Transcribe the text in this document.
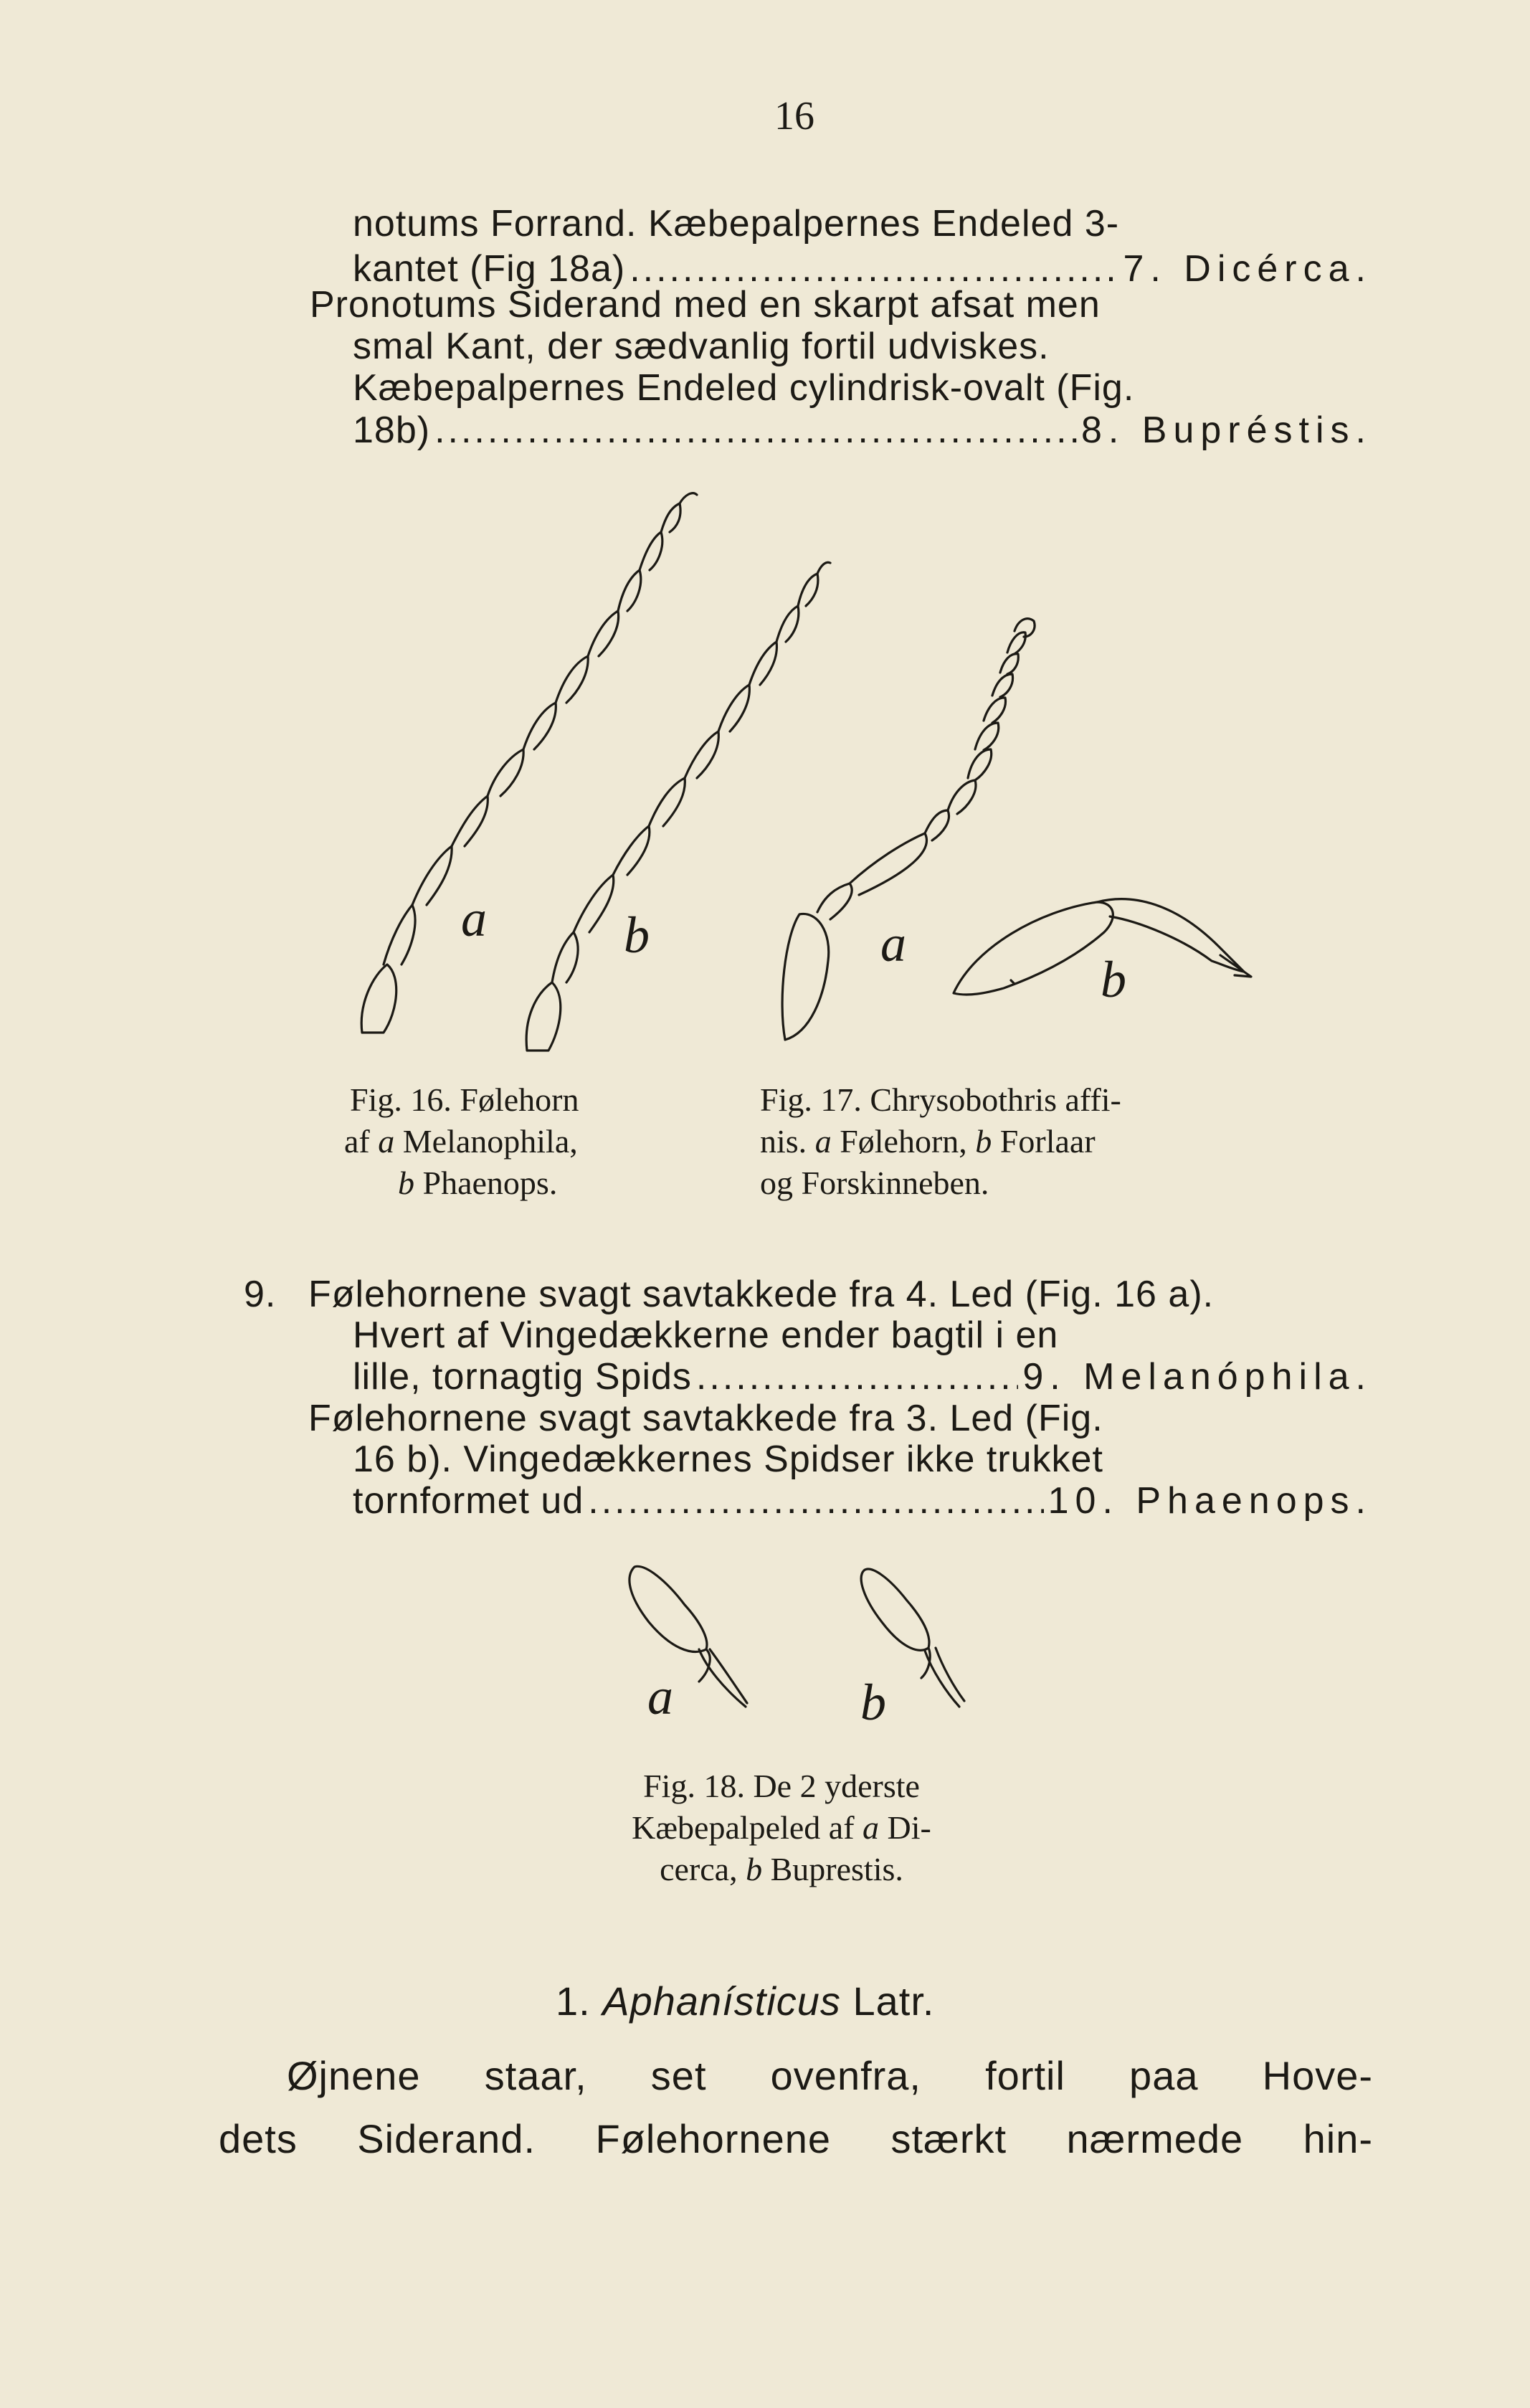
16
notums Forrand. Kæbepalpernes Endeled 3-
kantet (Fig 18a) .....	7. Dicérca.
Pronotums Siderand med en skarpt afsat men
smal Kant, der sædvanlig fortil udviskes.
Kæbepalpernes Endeled cylindrisk-ovalt (Fig.
18b) .....	8. Bupréstis.
a	b	a
b
Fig. 16. Følehorn
af a Melanophila,
b Phaenops.
Fig. 17. Chrysobothris affi-
nis. a Følehorn, b Forlaar
og Forskinneben.
9. Følehornene svagt savtakkede fra 4. Led (Fig. 16 a).
Hvert af Vingedækkerne ender bagtil i en
lille, tornagtig Spids .....	9. Melanóphila.
Følehornene svagt savtakkede fra 3. Led (Fig.
16 b). Vingedækkernes Spidser ikke trukket
tornformet ud .....	10. Phaenops.
a	b
Fig. 18. De 2 yderste
Kæbepalpeled af a Di-
cerca, b Buprestis.
1. Aphanísticus Latr.
Øjnene staar, set ovenfra, fortil paa Hove-
dets Siderand. Følehornene stærkt nærmede hin-
